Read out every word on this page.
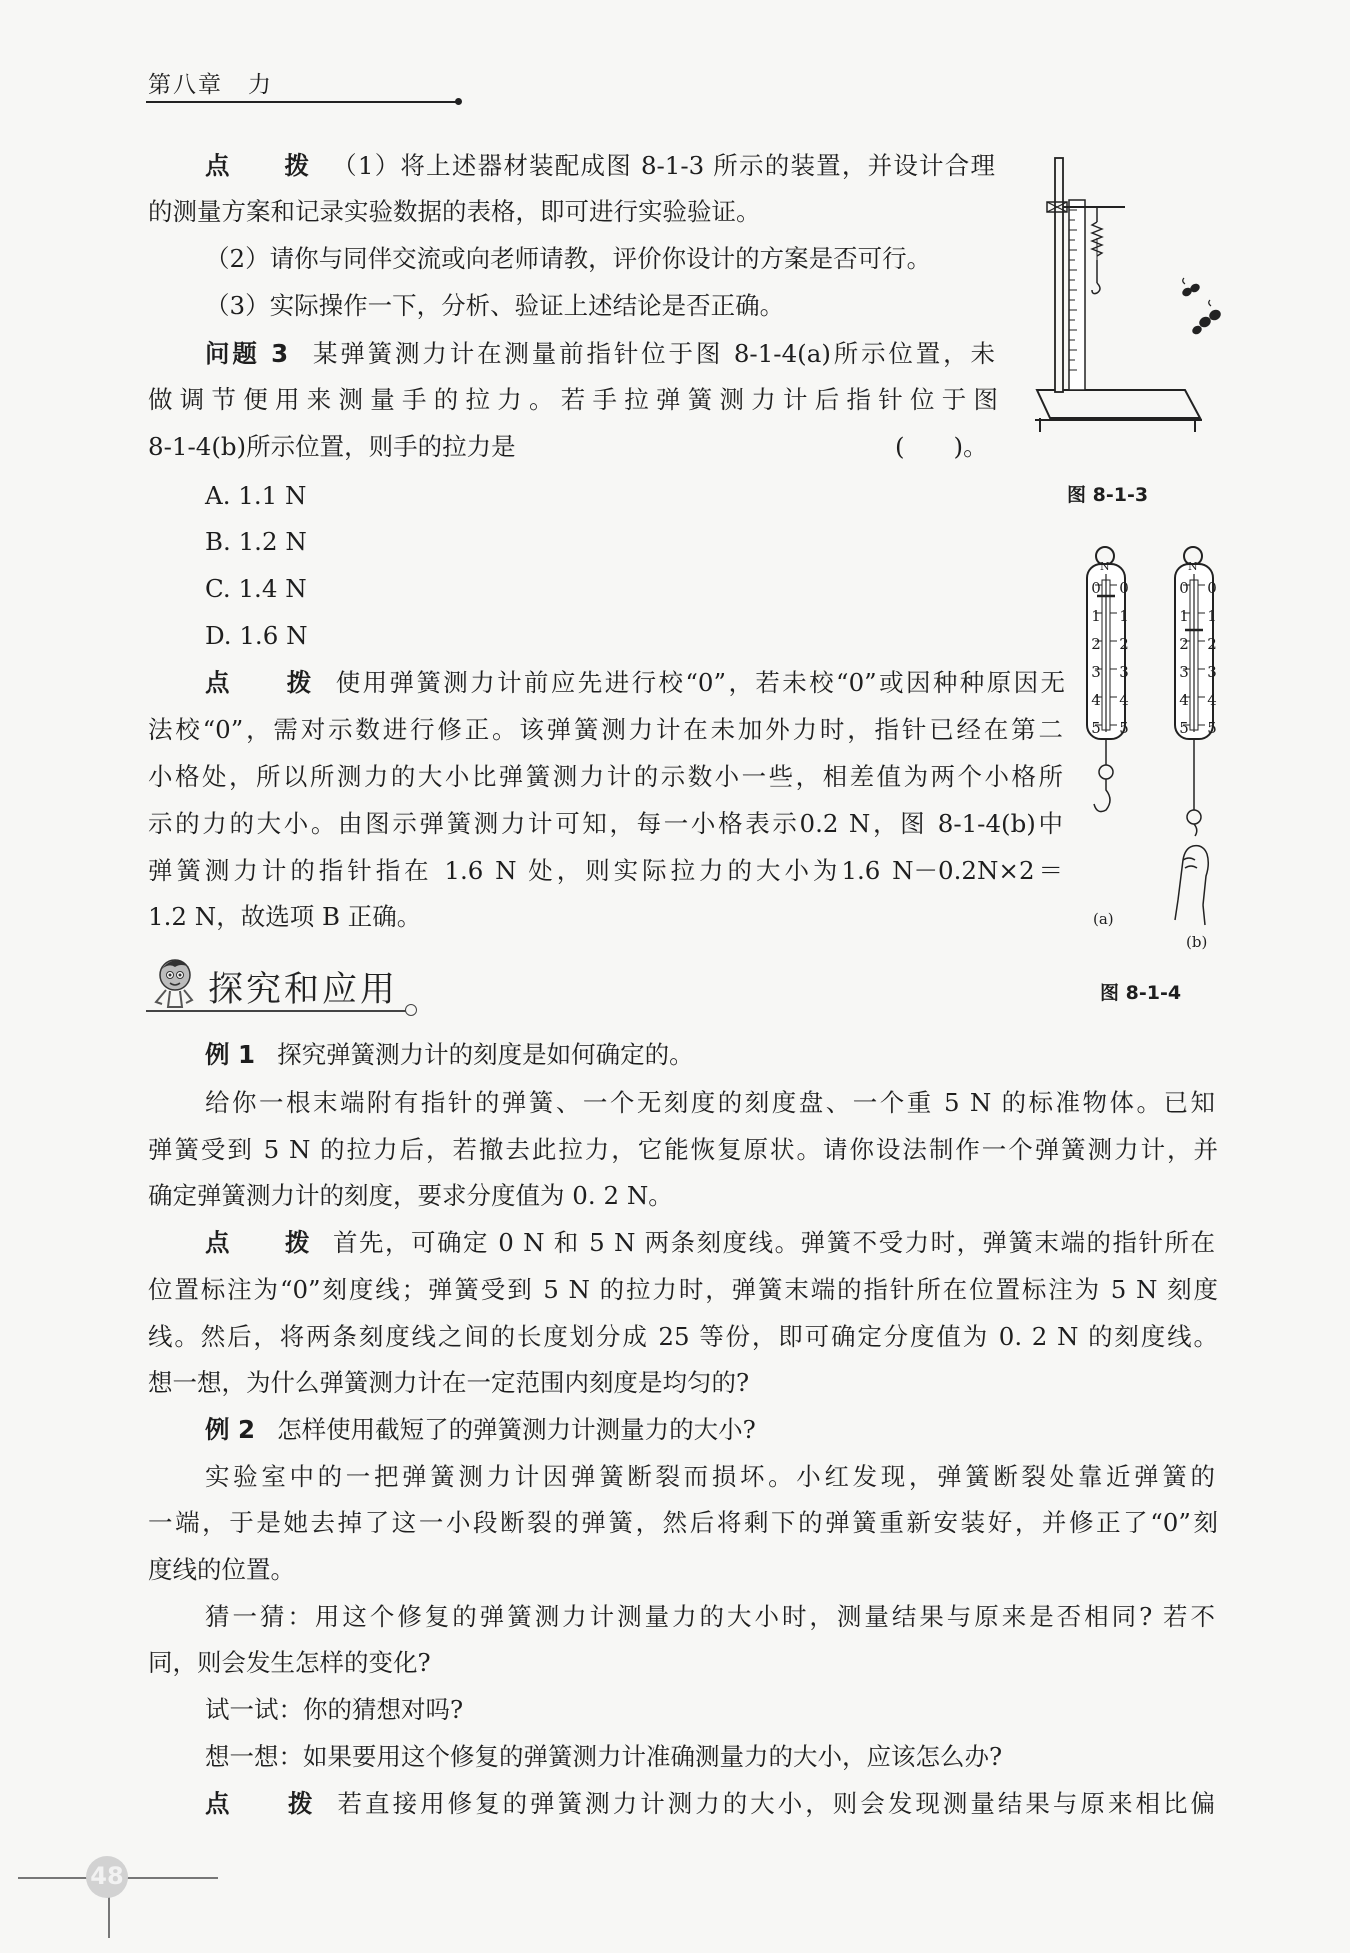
第八章　力
点　拨 （1）将上述器材装配成图 8-1-3 所示的装置，并设计合理
的测量方案和记录实验数据的表格，即可进行实验验证。
（2）请你与同伴交流或向老师请教，评价你设计的方案是否可行。
（3）实际操作一下，分析、验证上述结论是否正确。
问题 3 某弹簧测力计在测量前指针位于图 8-1-4(a)所示位置，未
做调节便用来测量手的拉力。若手拉弹簧测力计后指针位于图
8-1-4(b)所示位置，则手的拉力是	(　　)。
A. 1.1 N
B. 1.2 N
C. 1.4 N
D. 1.6 N
点　拨 使用弹簧测力计前应先进行校“0”，若未校“0”或因种种原因无
法校“0”，需对示数进行修正。该弹簧测力计在未加外力时，指针已经在第二
小格处，所以所测力的大小比弹簧测力计的示数小一些，相差值为两个小格所
示的力的大小。由图示弹簧测力计可知，每一小格表示0.2 N，图 8-1-4(b)中
弹簧测力计的指针指在 1.6 N 处，则实际拉力的大小为1.6 N－0.2N×2＝
1.2 N，故选项 B 正确。
图 8-1-3
0
1
2
3
4
5
0
1
2
3
4
5
N
0
1
2
3
4
5
0
1
2
3
4
5
N
(a)
(b)
图 8-1-4
探究和应用
例 1 探究弹簧测力计的刻度是如何确定的。
给你一根末端附有指针的弹簧、一个无刻度的刻度盘、一个重 5 N 的标准物体。已知
弹簧受到 5 N 的拉力后，若撤去此拉力，它能恢复原状。请你设法制作一个弹簧测力计，并
确定弹簧测力计的刻度，要求分度值为 0. 2 N。
点　拨 首先，可确定 0 N 和 5 N 两条刻度线。弹簧不受力时，弹簧末端的指针所在
位置标注为“0”刻度线；弹簧受到 5 N 的拉力时，弹簧末端的指针所在位置标注为 5 N 刻度
线。然后，将两条刻度线之间的长度划分成 25 等份，即可确定分度值为 0. 2 N 的刻度线。
想一想，为什么弹簧测力计在一定范围内刻度是均匀的?
例 2 怎样使用截短了的弹簧测力计测量力的大小?
实验室中的一把弹簧测力计因弹簧断裂而损坏。小红发现，弹簧断裂处靠近弹簧的
一端，于是她去掉了这一小段断裂的弹簧，然后将剩下的弹簧重新安装好，并修正了“0”刻
度线的位置。
猜一猜：用这个修复的弹簧测力计测量力的大小时，测量结果与原来是否相同? 若不
同，则会发生怎样的变化?
试一试：你的猜想对吗?
想一想：如果要用这个修复的弹簧测力计准确测量力的大小，应该怎么办?
点　拨 若直接用修复的弹簧测力计测力的大小，则会发现测量结果与原来相比偏
48
